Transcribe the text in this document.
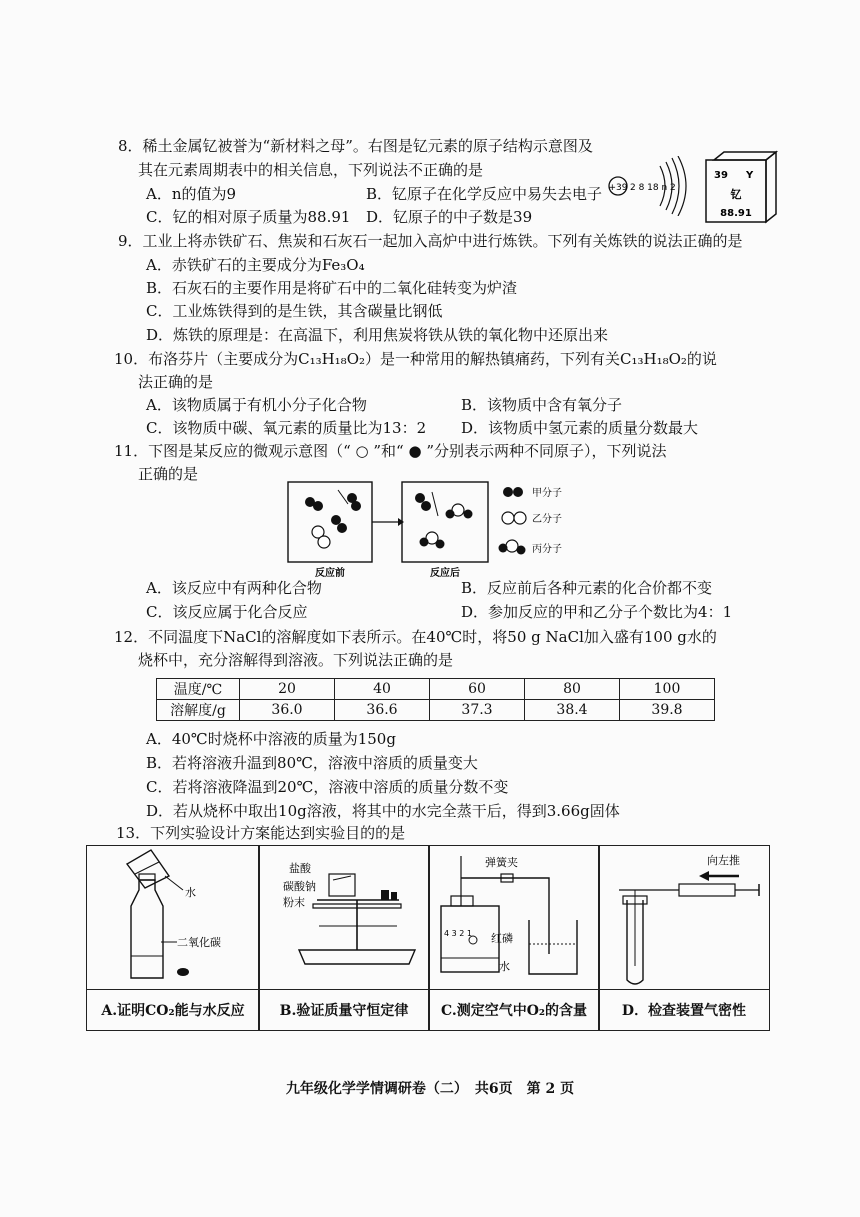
8．稀土金属钇被誉为“新材料之母”。右图是钇元素的原子结构示意图及
其在元素周期表中的相关信息，下列说法不正确的是
A．n的值为9	B．钇原子在化学反应中易失去电子
C．钇的相对原子质量为88.91 D．钇原子的中子数是39
+39 2 8 18 n 2
39 Y
钇
88.91
9．工业上将赤铁矿石、焦炭和石灰石一起加入高炉中进行炼铁。下列有关炼铁的说法正确的是
A．赤铁矿石的主要成分为Fe₃O₄
B．石灰石的主要作用是将矿石中的二氧化硅转变为炉渣
C．工业炼铁得到的是生铁，其含碳量比钢低
D．炼铁的原理是：在高温下，利用焦炭将铁从铁的氧化物中还原出来
10．布洛芬片（主要成分为C₁₃H₁₈O₂）是一种常用的解热镇痛药，下列有关C₁₃H₁₈O₂的说
法正确的是
A．该物质属于有机小分子化合物	B．该物质中含有氧分子
C．该物质中碳、氧元素的质量比为13：2 D．该物质中氢元素的质量分数最大
11．下图是某反应的微观示意图（“ ○ ”和“ ● ”分别表示两种不同原子），下列说法
正确的是
甲分子
乙分子
丙分子
反应前	反应后
A．该反应中有两种化合物	B．反应前后各种元素的化合价都不变
C．该反应属于化合反应	D．参加反应的甲和乙分子个数比为4：1
12．不同温度下NaCl的溶解度如下表所示。在40℃时，将50 g NaCl加入盛有100 g水的
烧杯中，充分溶解得到溶液。下列说法正确的是
温度/℃	20	40	60	80	100
溶解度/g	36.0	36.6	37.3	38.4	39.8
A．40℃时烧杯中溶液的质量为150g
B．若将溶液升温到80℃，溶液中溶质的质量变大
C．若将溶液降温到20℃，溶液中溶质的质量分数不变
D．若从烧杯中取出10g溶液，将其中的水完全蒸干后，得到3.66g固体
13．下列实验设计方案能达到实验目的的是
水
二氧化碳
A.证明CO₂能与水反应
盐酸
碳酸钠
粉末
B.验证质量守恒定律
弹簧夹
4 3 2 1 红磷
水
C.测定空气中O₂的含量
向左推
D．检查装置气密性
九年级化学学情调研卷（二）　共6页　第 2 页
